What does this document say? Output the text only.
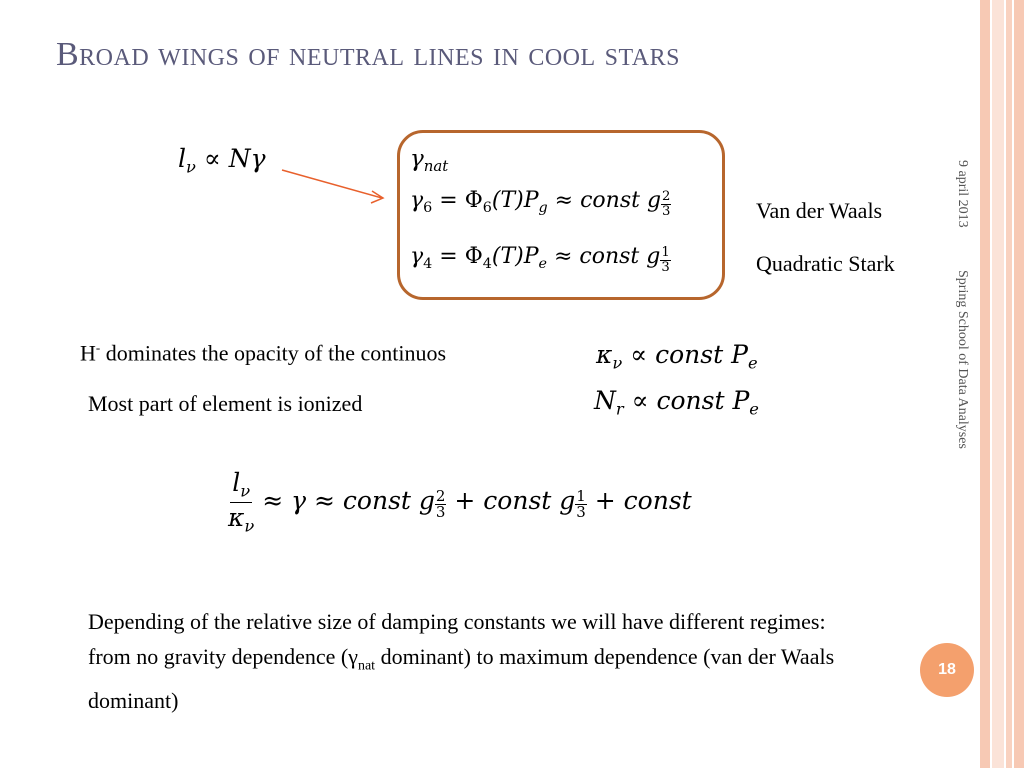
Broad wings of neutral lines in cool stars
$l_\nu \propto N\gamma$	$\gamma_{nat}$
$\gamma_6 = \Phi_6(T)P_g$ ≈ const g $\frac{2}{3}$
$\gamma_4 = \Phi_4(T)P_e$ ≈ const g $\frac{1}{3}$
Van der Waals
Quadratic Stark
H- dominates the opacity of the continuos
Most part of element is ionized
$\kappa_\nu$ ∝ const $P_e$
$N_r$ ∝ const $P_e$
$\frac{l_\nu}{\kappa_\nu} \approx \gamma$ ≈ const g $\frac{2}{3}$ + const g $\frac{1}{3}$ + const
Depending of the relative size of damping constants we will have different regimes: from no gravity dependence ($\gamma_{nat}$ dominant) to maximum dependence (van der Waals dominant)
9 april 2013
Spring School of Data Analyses
18
